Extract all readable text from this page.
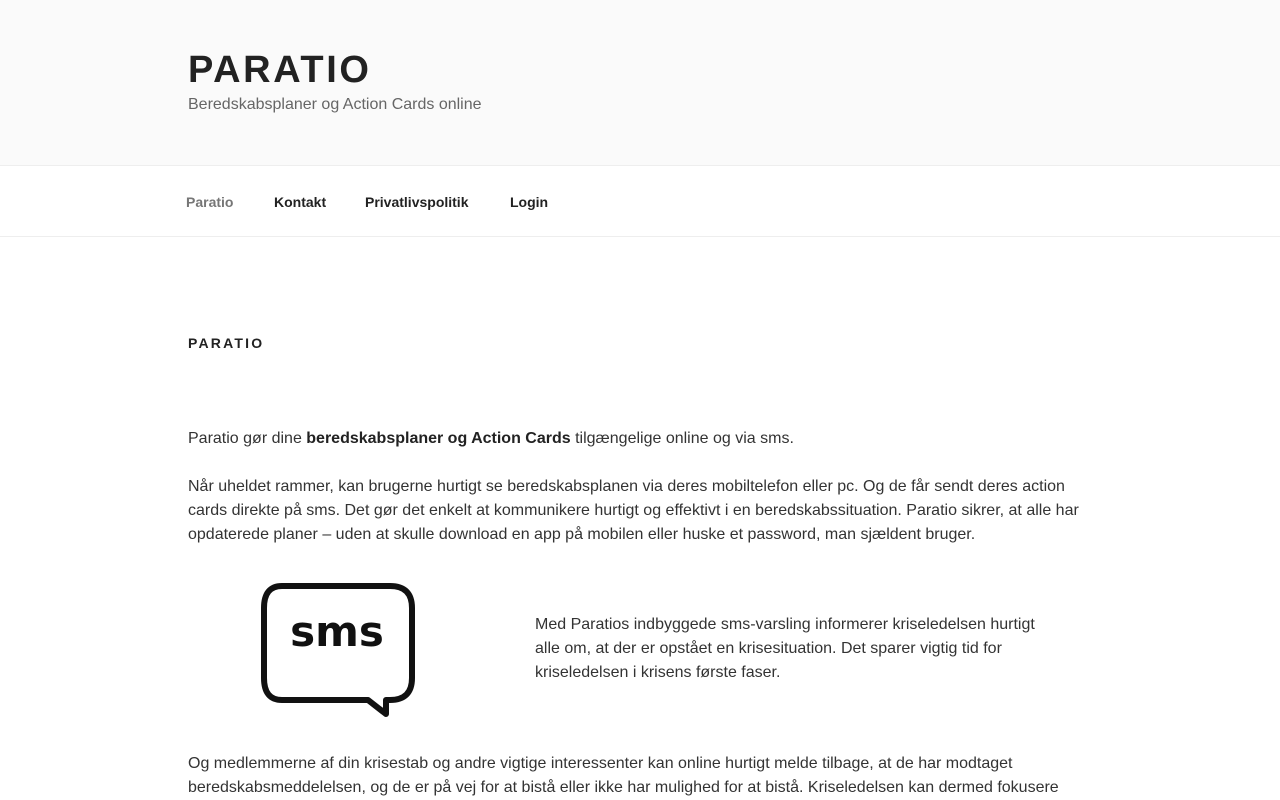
PARATIO
Beredskabsplaner og Action Cards online
Paratio	Kontakt	Privatlivspolitik	Login
PARATIO

Paratio gør dine beredskabsplaner og Action Cards tilgængelige online og via sms.

Når uheldet rammer, kan brugerne hurtigt se beredskabsplanen via deres mobiltelefon eller pc. Og de får sendt deres action cards direkte på sms. Det gør det enkelt at kommunikere hurtigt og effektivt i en beredskabssituation. Paratio sikrer, at alle har opdaterede planer – uden at skulle download en app på mobilen eller huske et password, man sjældent bruger.

sms	Med Paratios indbyggede sms-varsling informerer kriseledelsen hurtigt alle om, at der er opstået en krisesituation. Det sparer vigtig tid for kriseledelsen i krisens første faser.

Og medlemmerne af din krisestab og andre vigtige interessenter kan online hurtigt melde tilbage, at de har modtaget beredskabsmeddelelsen, og de er på vej for at bistå eller ikke har mulighed for at bistå. Kriseledelsen kan dermed fokusere
